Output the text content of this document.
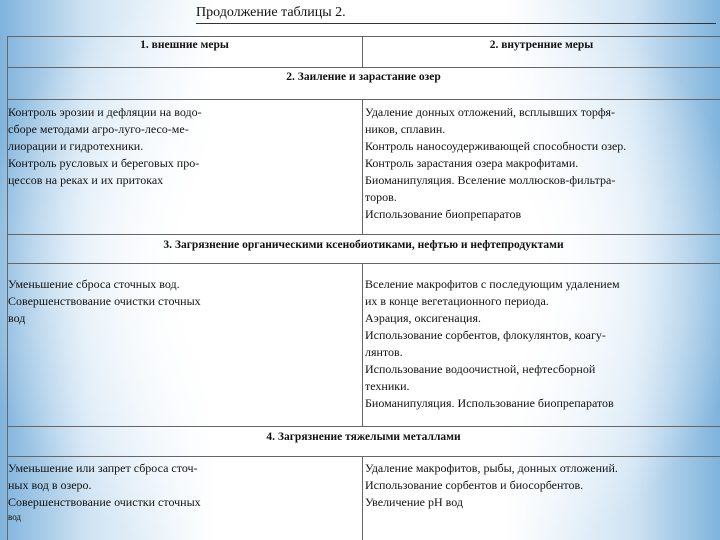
Продолжение таблицы 2.
1. внешние меры	2. внутренние меры
2. Заиление и зарастание озер
Контроль эрозии и дефляции на водо-
сборе методами агро-луго-лесо-ме-
лиорации и гидротехники.
Контроль русловых и береговых про-
цессов на реках и их притоках
Удаление донных отложений, всплывших торфя-
ников, сплавин.
Контроль наносоудерживающей способности озер.
Контроль зарастания озера макрофитами.
Биоманипуляция. Вселение моллюсков-фильтра-
торов.
Использование биопрепаратов
3. Загрязнение органическими ксенобиотиками, нефтью и нефтепродуктами
Уменьшение сброса сточных вод.
Совершенствование очистки сточных
вод
Вселение макрофитов с последующим удалением
их в конце вегетационного периода.
Аэрация, оксигенация.
Использование сорбентов, флокулянтов, коагу-
лянтов.
Использование водоочистной, нефтесборной
техники.
Биоманипуляция. Использование биопрепаратов
4. Загрязнение тяжелыми металлами
Уменьшение или запрет сброса сточ-
ных вод в озеро.
Совершенствование очистки сточных
вод
Удаление макрофитов, рыбы, донных отложений.
Использование сорбентов и биосорбентов.
Увеличение рН вод
